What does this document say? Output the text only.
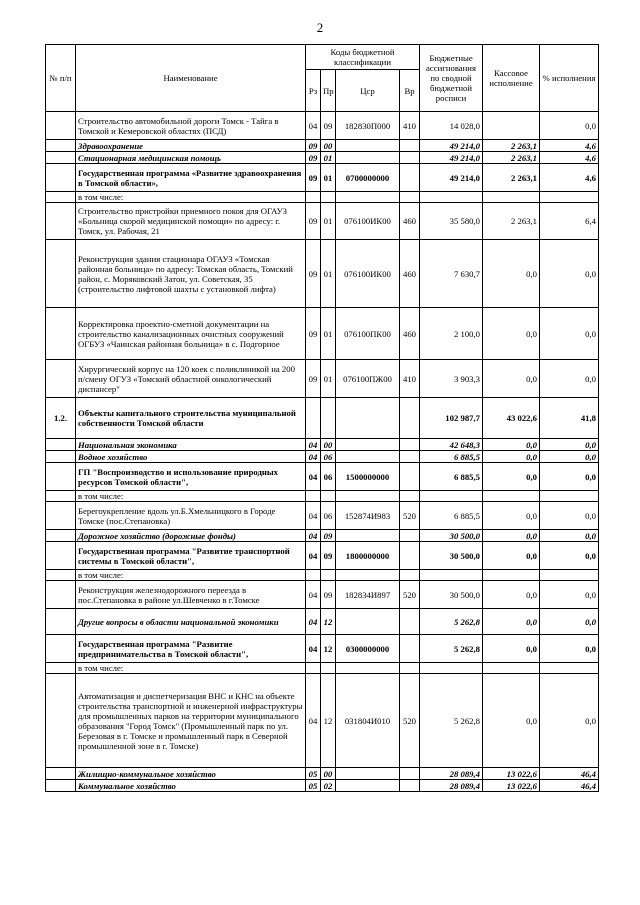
2
№ п/п	Наименование	Коды бюджетной классификации				Бюджетные ассигнования по сводной бюджетной росписи	Кассовое исполнение	% исполнения
		Рз	Пр	Цср	Вр			
	Строительство автомобильной дороги Томск - Тайга в Томской и Кемеровской областях (ПСД)	04	09	182830П000	410	14 028,0		0,0
	Здравоохранение	09	00			49 214,0	2 263,1	4,6
	Стационарная медицинская помощь	09	01			49 214,0	2 263,1	4,6
	Государственная программа «Развитие здравоохранения в Томской области»,	09	01	0700000000		49 214,0	2 263,1	4,6
	в том числе:							
	Строительство пристройки приемного покоя для ОГАУЗ «Больница скорой медицинской помощи» по адресу: г. Томск, ул. Рабочая, 21	09	01	076100ИК00	460	35 580,0	2 263,1	6,4
	Реконструкция здания стационара ОГАУЗ «Томская районная больница» по адресу: Томская область, Томский район, с. Моряковский Затон, ул. Советская, 35 (строительство лифтовой шахты с установкой лифта)	09	01	076100ИК00	460	7 630,7	0,0	0,0
	Корректировка проектно-сметной документации на строительство канализационных очистных сооружений ОГБУЗ «Чаинская районная больница» в с. Подгорное	09	01	076100ПК00	460	2 100,0	0,0	0,0
	Хирургический корпус на 120 коек с поликлиникой на 200 п/смену ОГУЗ «Томский областной онкологический диспансер"	09	01	076100ПЖ00	410	3 903,3	0,0	0,0
1.2.	Объекты капитального строительства муниципальной собственности Томской области					102 987,7	43 022,6	41,8
	Национальная экономика	04	00			42 648,3	0,0	0,0
	Водное хозяйство	04	06			6 885,5	0,0	0,0
	ГП "Воспроизводство и использование природных ресурсов Томской области",	04	06	1500000000		6 885,5	0,0	0,0
	в том числе:							
	Берегоукрепление вдоль ул.Б.Хмельницкого в Городе Томске (пос.Степановка)	04	06	152874И983	520	6 885,5	0,0	0,0
	Дорожное хозяйство (дорожные фонды)	04	09			30 500,0	0,0	0,0
	Государственная программа "Развитие транспортной системы в Томской области",	04	09	1800000000		30 500,0	0,0	0,0
	в том числе:							
	Реконструкция железнодорожного переезда в пос.Степановка в районе ул.Шевченко в г.Томске	04	09	182834И897	520	30 500,0	0,0	0,0
	Другие вопросы в области национальной экономики	04	12			5 262,8	0,0	0,0
	Государственная программа "Развитие предпринимательства в Томской области",	04	12	0300000000		5 262,8	0,0	0,0
	в том числе:							
	Автоматизация и диспетчеризация ВНС и КНС на объекте строительства транспортной и инженерной инфраструктуры для промышленных парков на территории муниципального образования "Город Томск" (Промышленный парк по ул. Березовая в г. Томске и промышленный парк в Северной промышленной зоне в г. Томске)	04	12	031804И010	520	5 262,8	0,0	0,0
	Жилищно-коммунальное хозяйство	05	00			28 089,4	13 022,6	46,4
	Коммунальное хозяйство	05	02			28 089,4	13 022,6	46,4
